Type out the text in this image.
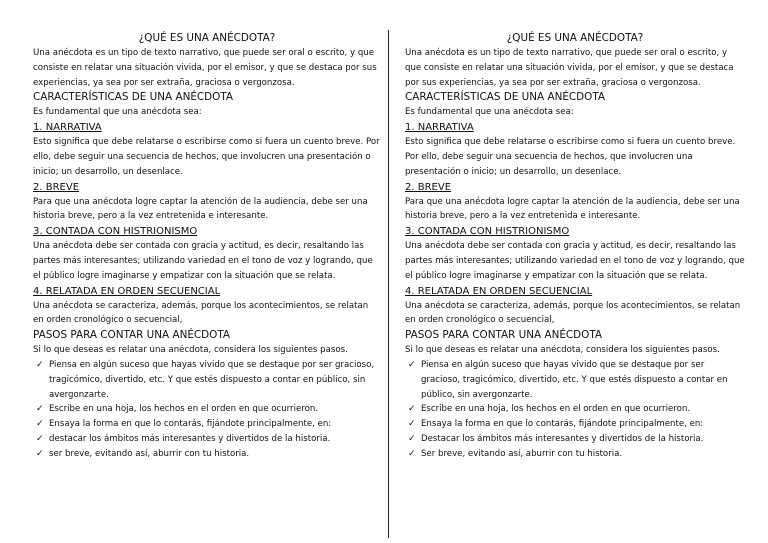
¿QUÉ ES UNA ANÉCDOTA?

Una anécdota es un tipo de texto narrativo, que puede ser oral o escrito, y que consiste en relatar una situación vivida, por el emisor, y que se destaca por sus experiencias, ya sea por ser extraña, graciosa o vergonzosa.

CARACTERÍSTICAS DE UNA ANÉCDOTA

Es fundamental que una anécdota sea:

1. NARRATIVA

Esto significa que debe relatarse o escribirse como si fuera un cuento breve. Por ello, debe seguir una secuencia de hechos, que involucren una presentación o inicio; un desarrollo, un desenlace.

2. BREVE

Para que una anécdota logre captar la atención de la audiencia, debe ser una historia breve, pero a la vez entretenida e interesante.

3. CONTADA CON HISTRIONISMO

Una anécdota debe ser contada con gracia y actitud, es decir, resaltando las partes más interesantes; utilizando variedad en el tono de voz y logrando, que el público logre imaginarse y empatizar con la situación que se relata.

4. RELATADA EN ORDEN SECUENCIAL

Una anécdota se caracteriza, además, porque los acontecimientos, se relatan en orden cronológico o secuencial,

PASOS PARA CONTAR UNA ANÉCDOTA

Si lo que deseas es relatar una anécdota, considera los siguientes pasos.

✓ Piensa en algún suceso que hayas vivido que se destaque por ser gracioso, tragicómico, divertido, etc. Y que estés dispuesto a contar en público, sin avergonzarte.
✓ Escribe en una hoja, los hechos en el orden en que ocurrieron.
✓ Ensaya la forma en que lo contarás, fijándote principalmente, en:
✓ destacar los ámbitos más interesantes y divertidos de la historia.
✓ ser breve, evitando así, aburrir con tu historia.
¿QUÉ ES UNA ANÉCDOTA?

Una anécdota es un tipo de texto narrativo, que puede ser oral o escrito, y que consiste en relatar una situación vivida, por el emisor, y que se destaca por sus experiencias, ya sea por ser extraña, graciosa o vergonzosa.

CARACTERÍSTICAS DE UNA ANÉCDOTA

Es fundamental que una anécdota sea:

1. NARRATIVA

Esto significa que debe relatarse o escribirse como si fuera un cuento breve. Por ello, debe seguir una secuencia de hechos, que involucren una presentación o inicio; un desarrollo, un desenlace.

2. BREVE

Para que una anécdota logre captar la atención de la audiencia, debe ser una historia breve, pero a la vez entretenida e interesante.

3. CONTADA CON HISTRIONISMO

Una anécdota debe ser contada con gracia y actitud, es decir, resaltando las partes más interesantes; utilizando variedad en el tono de voz y logrando, que el público logre imaginarse y empatizar con la situación que se relata.

4. RELATADA EN ORDEN SECUENCIAL

Una anécdota se caracteriza, además, porque los acontecimientos, se relatan en orden cronológico o secuencial,

PASOS PARA CONTAR UNA ANÉCDOTA

Si lo que deseas es relatar una anécdota, considera los siguientes pasos.

✓ Piensa en algún suceso que hayas vivido que se destaque por ser gracioso, tragicómico, divertido, etc. Y que estés dispuesto a contar en público, sin avergonzarte.
✓ Escribe en una hoja, los hechos en el orden en que ocurrieron.
✓ Ensaya la forma en que lo contarás, fijándote principalmente, en:
✓ Destacar los ámbitos más interesantes y divertidos de la historia.
✓ Ser breve, evitando así, aburrir con tu historia.
